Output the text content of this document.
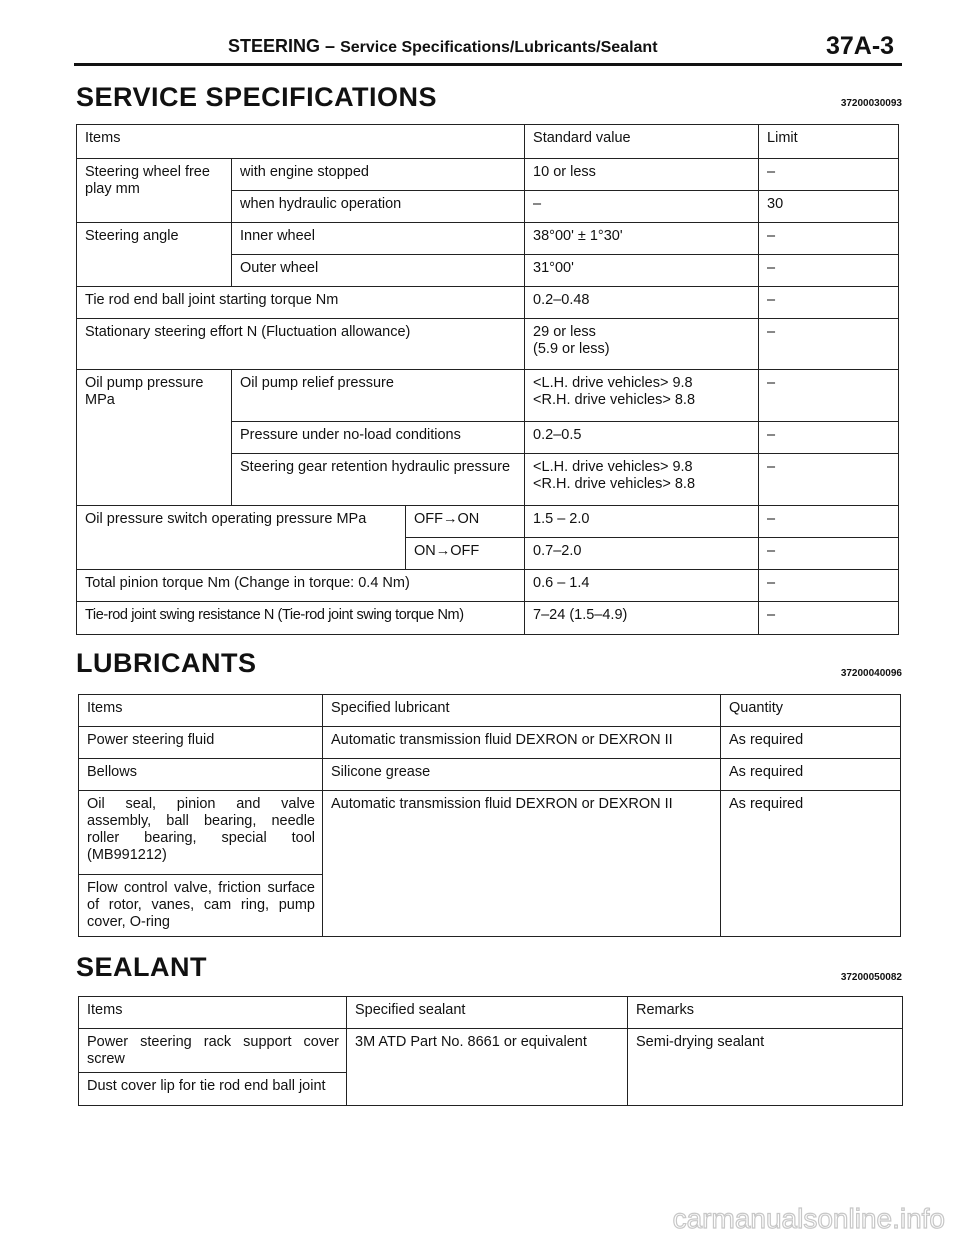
STEERING – Service Specifications/Lubricants/Sealant	37A-3
SERVICE SPECIFICATIONS	37200030093
Items			Standard value	Limit
Steering wheel free play mm	with engine stopped		10 or less	–
	when hydraulic operation		–	30
Steering angle	Inner wheel		38°00' ± 1°30'	–
	Outer wheel		31°00'	–
Tie rod end ball joint starting torque Nm			0.2–0.48	–
Stationary steering effort N (Fluctuation allowance)			29 or less
(5.9 or less)	–

Oil pump pressure
MPa	Oil pump relief pressure		<L.H. drive vehicles> 9.8
<R.H. drive vehicles> 8.8	–
	Pressure under no-load conditions		0.2–0.5	–
	Steering gear retention hydraulic pressure		<L.H. drive vehicles> 9.8
<R.H. drive vehicles> 8.8	–
Oil pressure switch operating pressure MPa		OFF→ON	1.5 – 2.0	–
		ON→OFF	0.7–2.0	–
Total pinion torque Nm (Change in torque: 0.4 Nm)			0.6 – 1.4	–
Tie-rod joint swing resistance N (Tie-rod joint swing torque Nm)			7–24 (1.5–4.9)	–
LUBRICANTS	37200040096
Items	Specified lubricant	Quantity
Power steering fluid	Automatic transmission fluid DEXRON or DEXRON II	As required
Bellows	Silicone grease	As required
Oil seal, pinion and valve assembly, ball bearing, needle roller bearing, special tool (MB991212)	Automatic transmission fluid DEXRON or DEXRON II	As required
Flow control valve, friction surface of rotor, vanes, cam ring, pump cover, O-ring		
SEALANT	37200050082
Items	Specified sealant	Remarks
Power steering rack support cover screw	3M ATD Part No. 8661 or equivalent	Semi-drying sealant
Dust cover lip for tie rod end ball joint		
carmanualsonline.info
